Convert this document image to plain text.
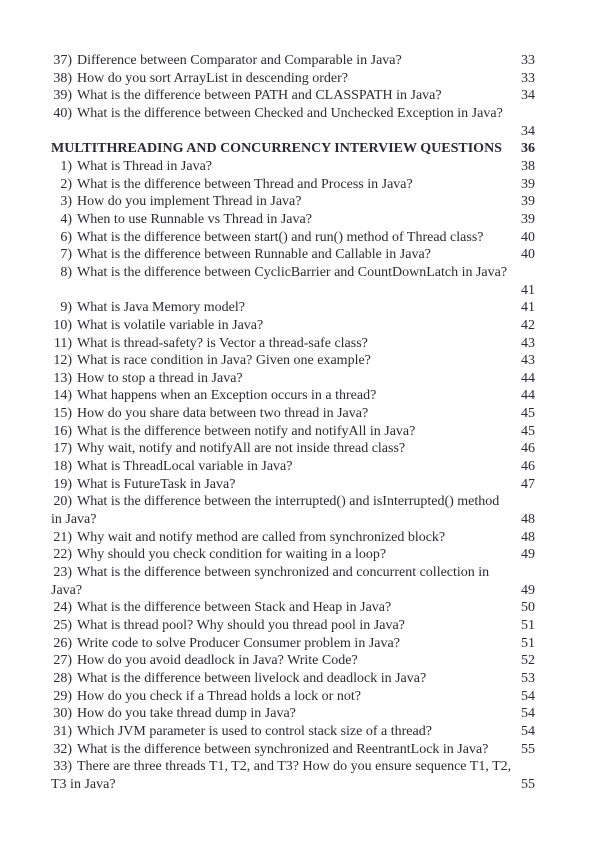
37) Difference between Comparator and Comparable in Java?	33
38) How do you sort ArrayList in descending order?	33
39) What is the difference between PATH and CLASSPATH in Java?	34
40) What is the difference between Checked and Unchecked Exception in Java?
34
MULTITHREADING AND CONCURRENCY INTERVIEW QUESTIONS	36
1) What is Thread in Java?	38
2) What is the difference between Thread and Process in Java?	39
3) How do you implement Thread in Java?	39
4) When to use Runnable vs Thread in Java?	39
6) What is the difference between start() and run() method of Thread class?	40
7) What is the difference between Runnable and Callable in Java?	40
8) What is the difference between CyclicBarrier and CountDownLatch in Java?
41
9) What is Java Memory model?	41
10) What is volatile variable in Java?	42
11) What is thread-safety? is Vector a thread-safe class?	43
12) What is race condition in Java? Given one example?	43
13) How to stop a thread in Java?	44
14) What happens when an Exception occurs in a thread?	44
15) How do you share data between two thread in Java?	45
16) What is the difference between notify and notifyAll in Java?	45
17) Why wait, notify and notifyAll are not inside thread class?	46
18) What is ThreadLocal variable in Java?	46
19) What is FutureTask in Java?	47
20) What is the difference between the interrupted() and isInterrupted() method
in Java?	48
21) Why wait and notify method are called from synchronized block?	48
22) Why should you check condition for waiting in a loop?	49
23) What is the difference between synchronized and concurrent collection in
Java?	49
24) What is the difference between Stack and Heap in Java?	50
25) What is thread pool? Why should you thread pool in Java?	51
26) Write code to solve Producer Consumer problem in Java?	51
27) How do you avoid deadlock in Java? Write Code?	52
28) What is the difference between livelock and deadlock in Java?	53
29) How do you check if a Thread holds a lock or not?	54
30) How do you take thread dump in Java?	54
31) Which JVM parameter is used to control stack size of a thread?	54
32) What is the difference between synchronized and ReentrantLock in Java?	55
33) There are three threads T1, T2, and T3? How do you ensure sequence T1, T2,
T3 in Java?	55
